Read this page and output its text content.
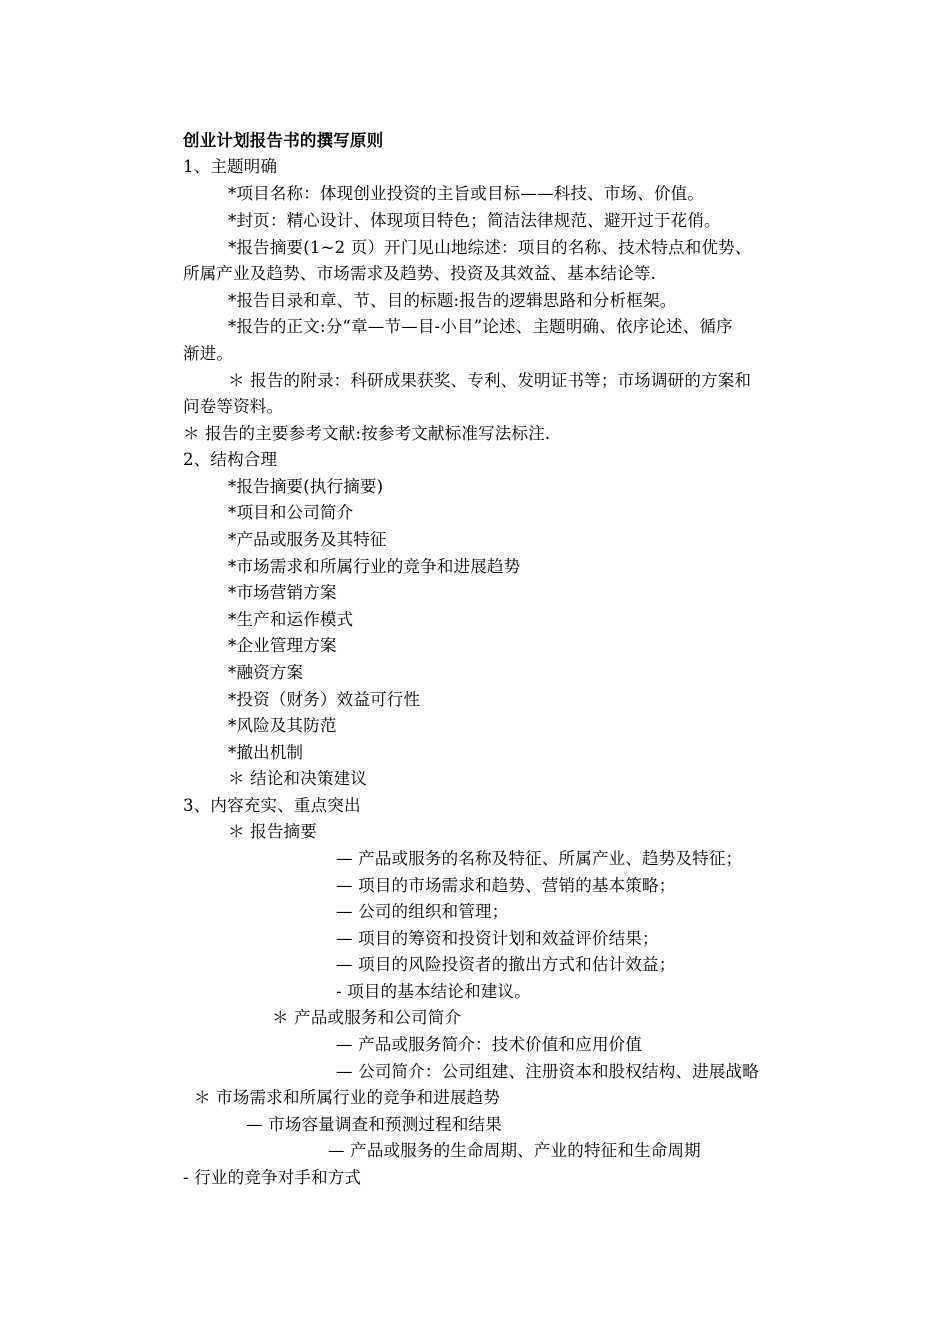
创业计划报告书的撰写原则
1、主题明确
*项目名称：体现创业投资的主旨或目标——科技、市场、价值。
*封页：精心设计、体现项目特色；简洁法律规范、避开过于花俏。
*报告摘要(1~2 页）开门见山地综述：项目的名称、技术特点和优势、
所属产业及趋势、市场需求及趋势、投资及其效益、基本结论等.
*报告目录和章、节、目的标题:报告的逻辑思路和分析框架。
*报告的正文:分“章—节—目-小目”论述、主题明确、依序论述、循序
渐进。
＊ 报告的附录：科研成果获奖、专利、发明证书等；市场调研的方案和
问卷等资料。
＊ 报告的主要参考文献:按参考文献标准写法标注.
2、结构合理
*报告摘要(执行摘要)
*项目和公司简介
*产品或服务及其特征
*市场需求和所属行业的竞争和进展趋势
*市场营销方案
*生产和运作模式
*企业管理方案
*融资方案
*投资（财务）效益可行性
*风险及其防范
*撤出机制
＊ 结论和决策建议
3、内容充实、重点突出
＊ 报告摘要
— 产品或服务的名称及特征、所属产业、趋势及特征；
— 项目的市场需求和趋势、营销的基本策略；
— 公司的组织和管理；
— 项目的筹资和投资计划和效益评价结果；
— 项目的风险投资者的撤出方式和估计效益；
- 项目的基本结论和建议。
＊ 产品或服务和公司简介
— 产品或服务简介：技术价值和应用价值
— 公司简介：公司组建、注册资本和股权结构、进展战略
＊ 市场需求和所属行业的竞争和进展趋势
— 市场容量调查和预测过程和结果
— 产品或服务的生命周期、产业的特征和生命周期
- 行业的竞争对手和方式
